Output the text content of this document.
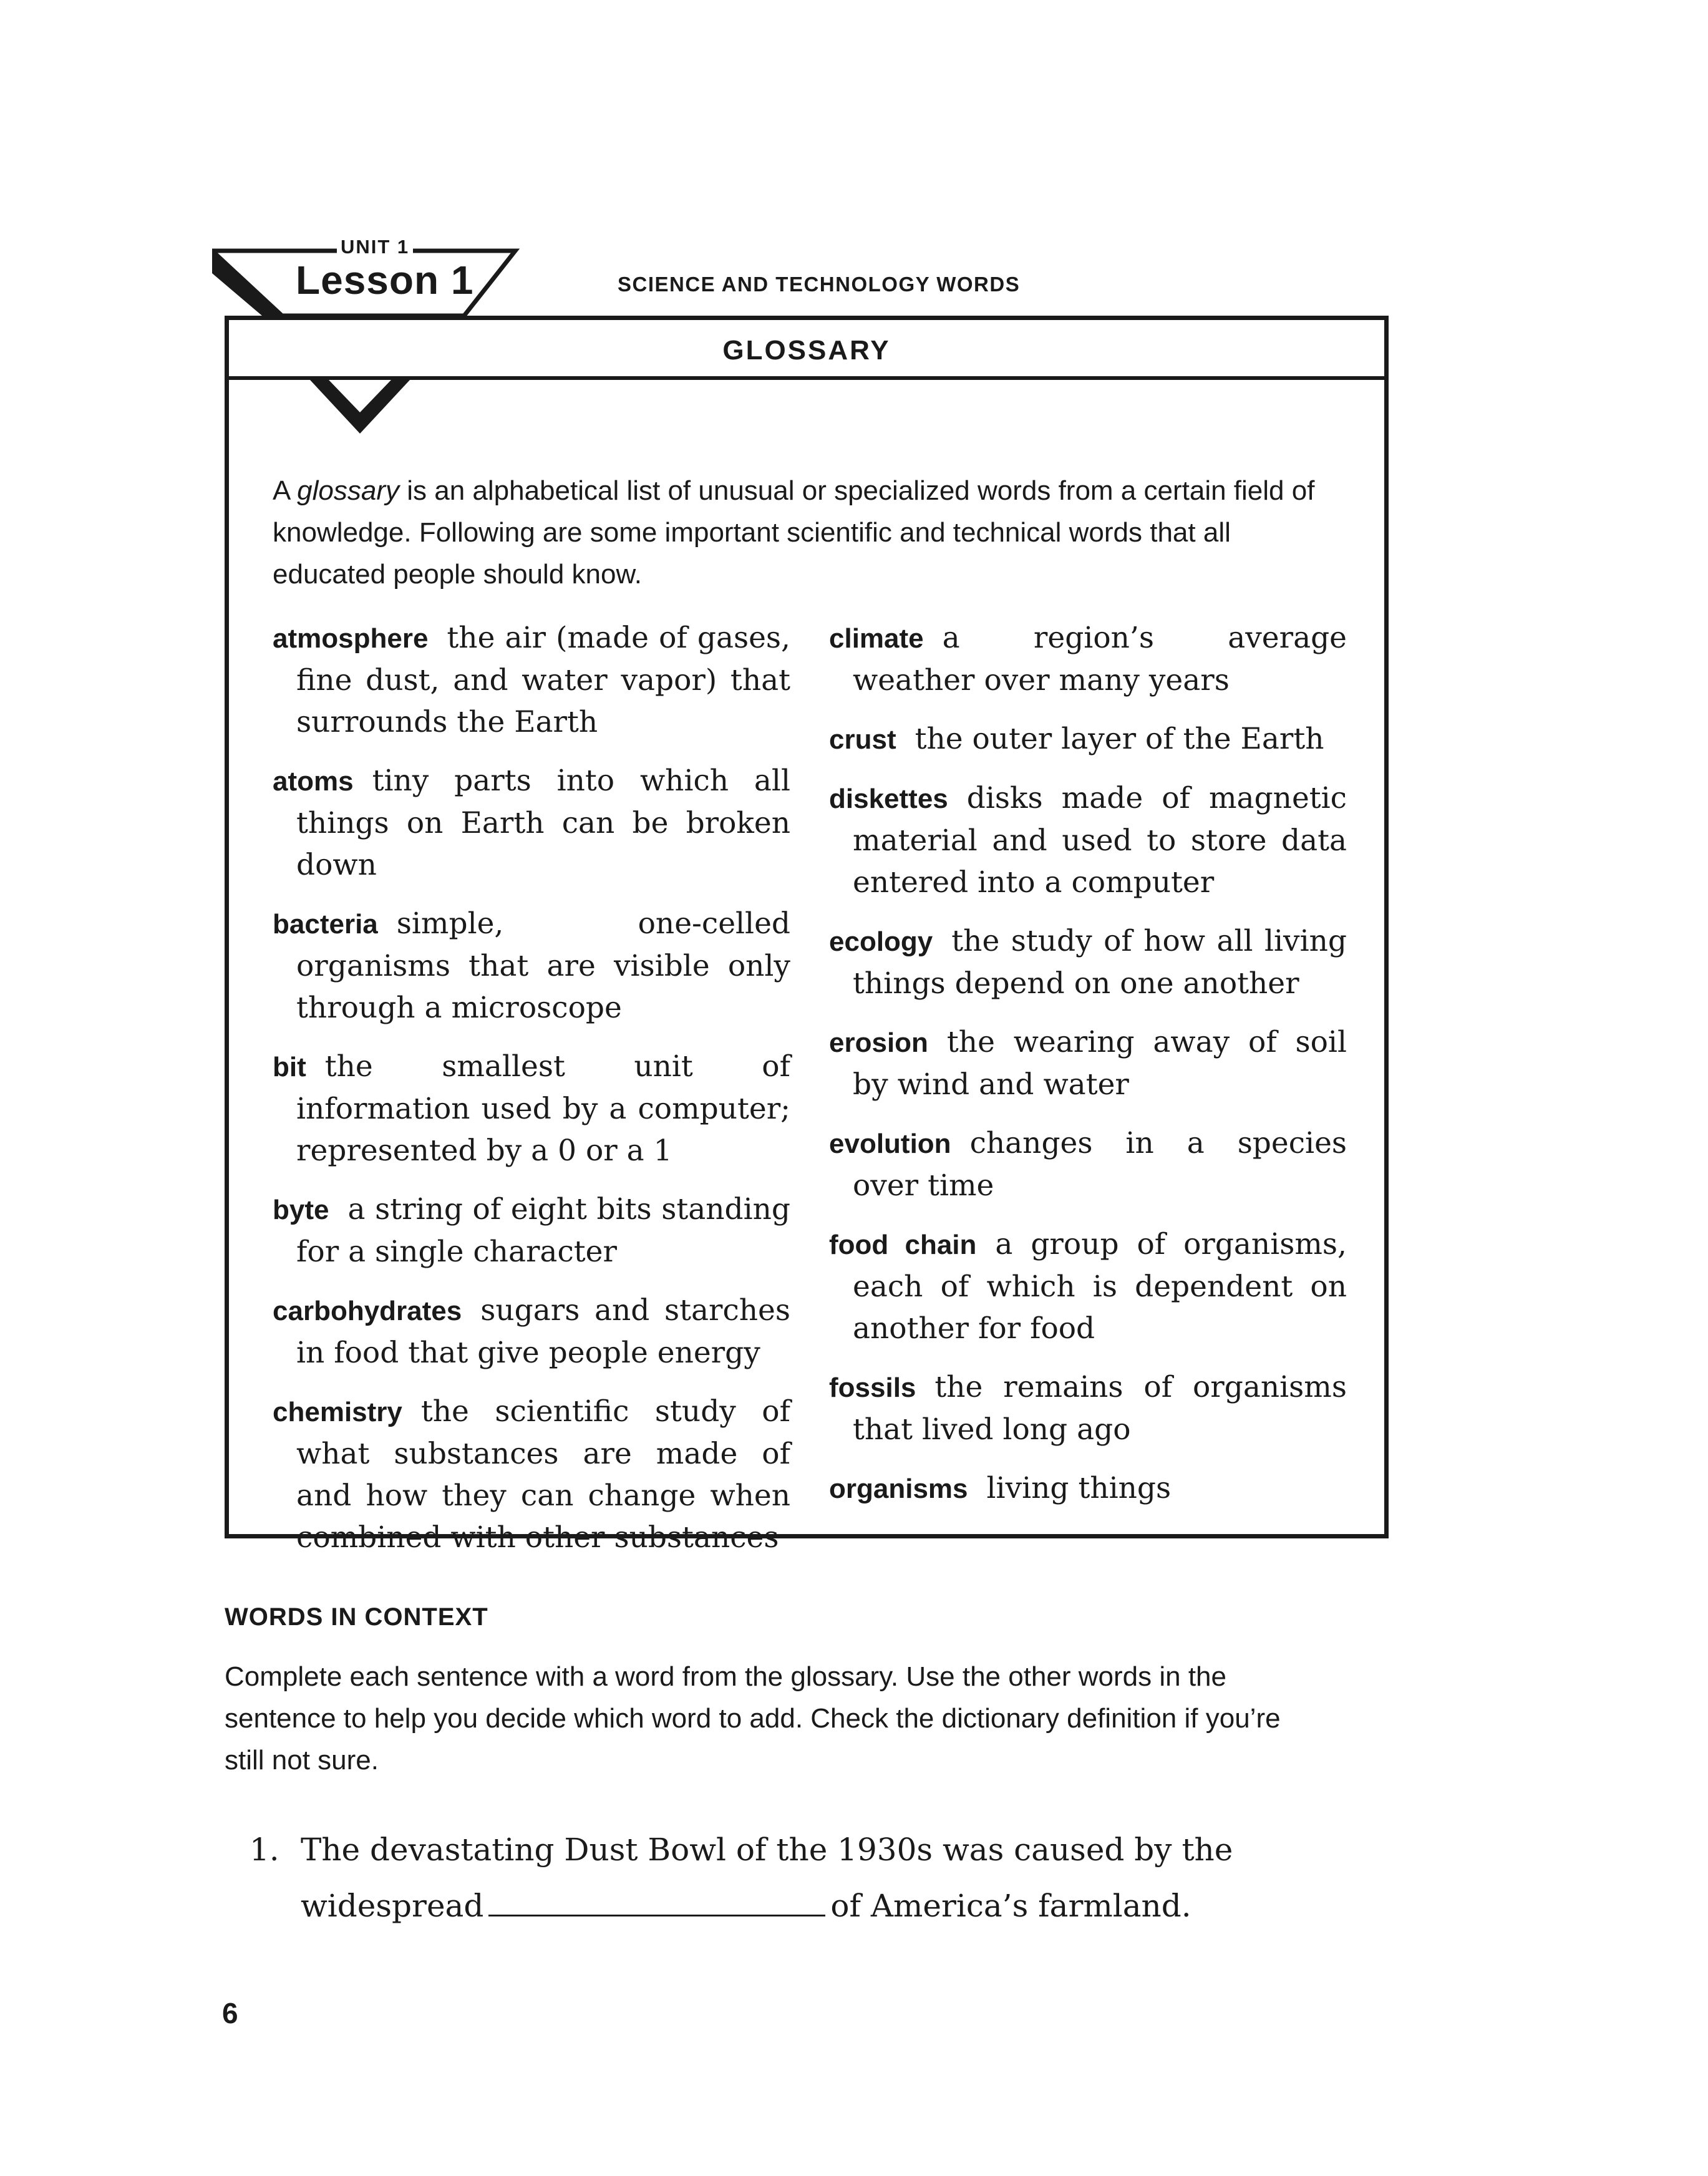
UNIT 1
Lesson 1	SCIENCE AND TECHNOLOGY WORDS
GLOSSARY
A glossary is an alphabetical list of unusual or specialized words from a certain field of knowledge. Following are some important scientific and technical words that all educated people should know.
atmosphere the air (made of gases, fine dust, and water vapor) that surrounds the Earth
atoms tiny parts into which all things on Earth can be broken down
bacteria simple, one-celled organisms that are visible only through a microscope
bit the smallest unit of information used by a computer; represented by a 0 or a 1
byte a string of eight bits standing for a single character
carbohydrates sugars and starches in food that give people energy
chemistry the scientific study of what substances are made of and how they can change when combined with other substances
climate a region’s average weather over many years
crust the outer layer of the Earth
diskettes disks made of magnetic material and used to store data entered into a computer
ecology the study of how all living things depend on one another
erosion the wearing away of soil by wind and water
evolution changes in a species over time
food chain a group of organisms, each of which is dependent on another for food
fossils the remains of organisms that lived long ago
organisms living things
WORDS IN CONTEXT
Complete each sentence with a word from the glossary. Use the other words in the sentence to help you decide which word to add. Check the dictionary definition if you’re still not sure.
1. The devastating Dust Bowl of the 1930s was caused by the
widespread	of America’s farmland.
6
